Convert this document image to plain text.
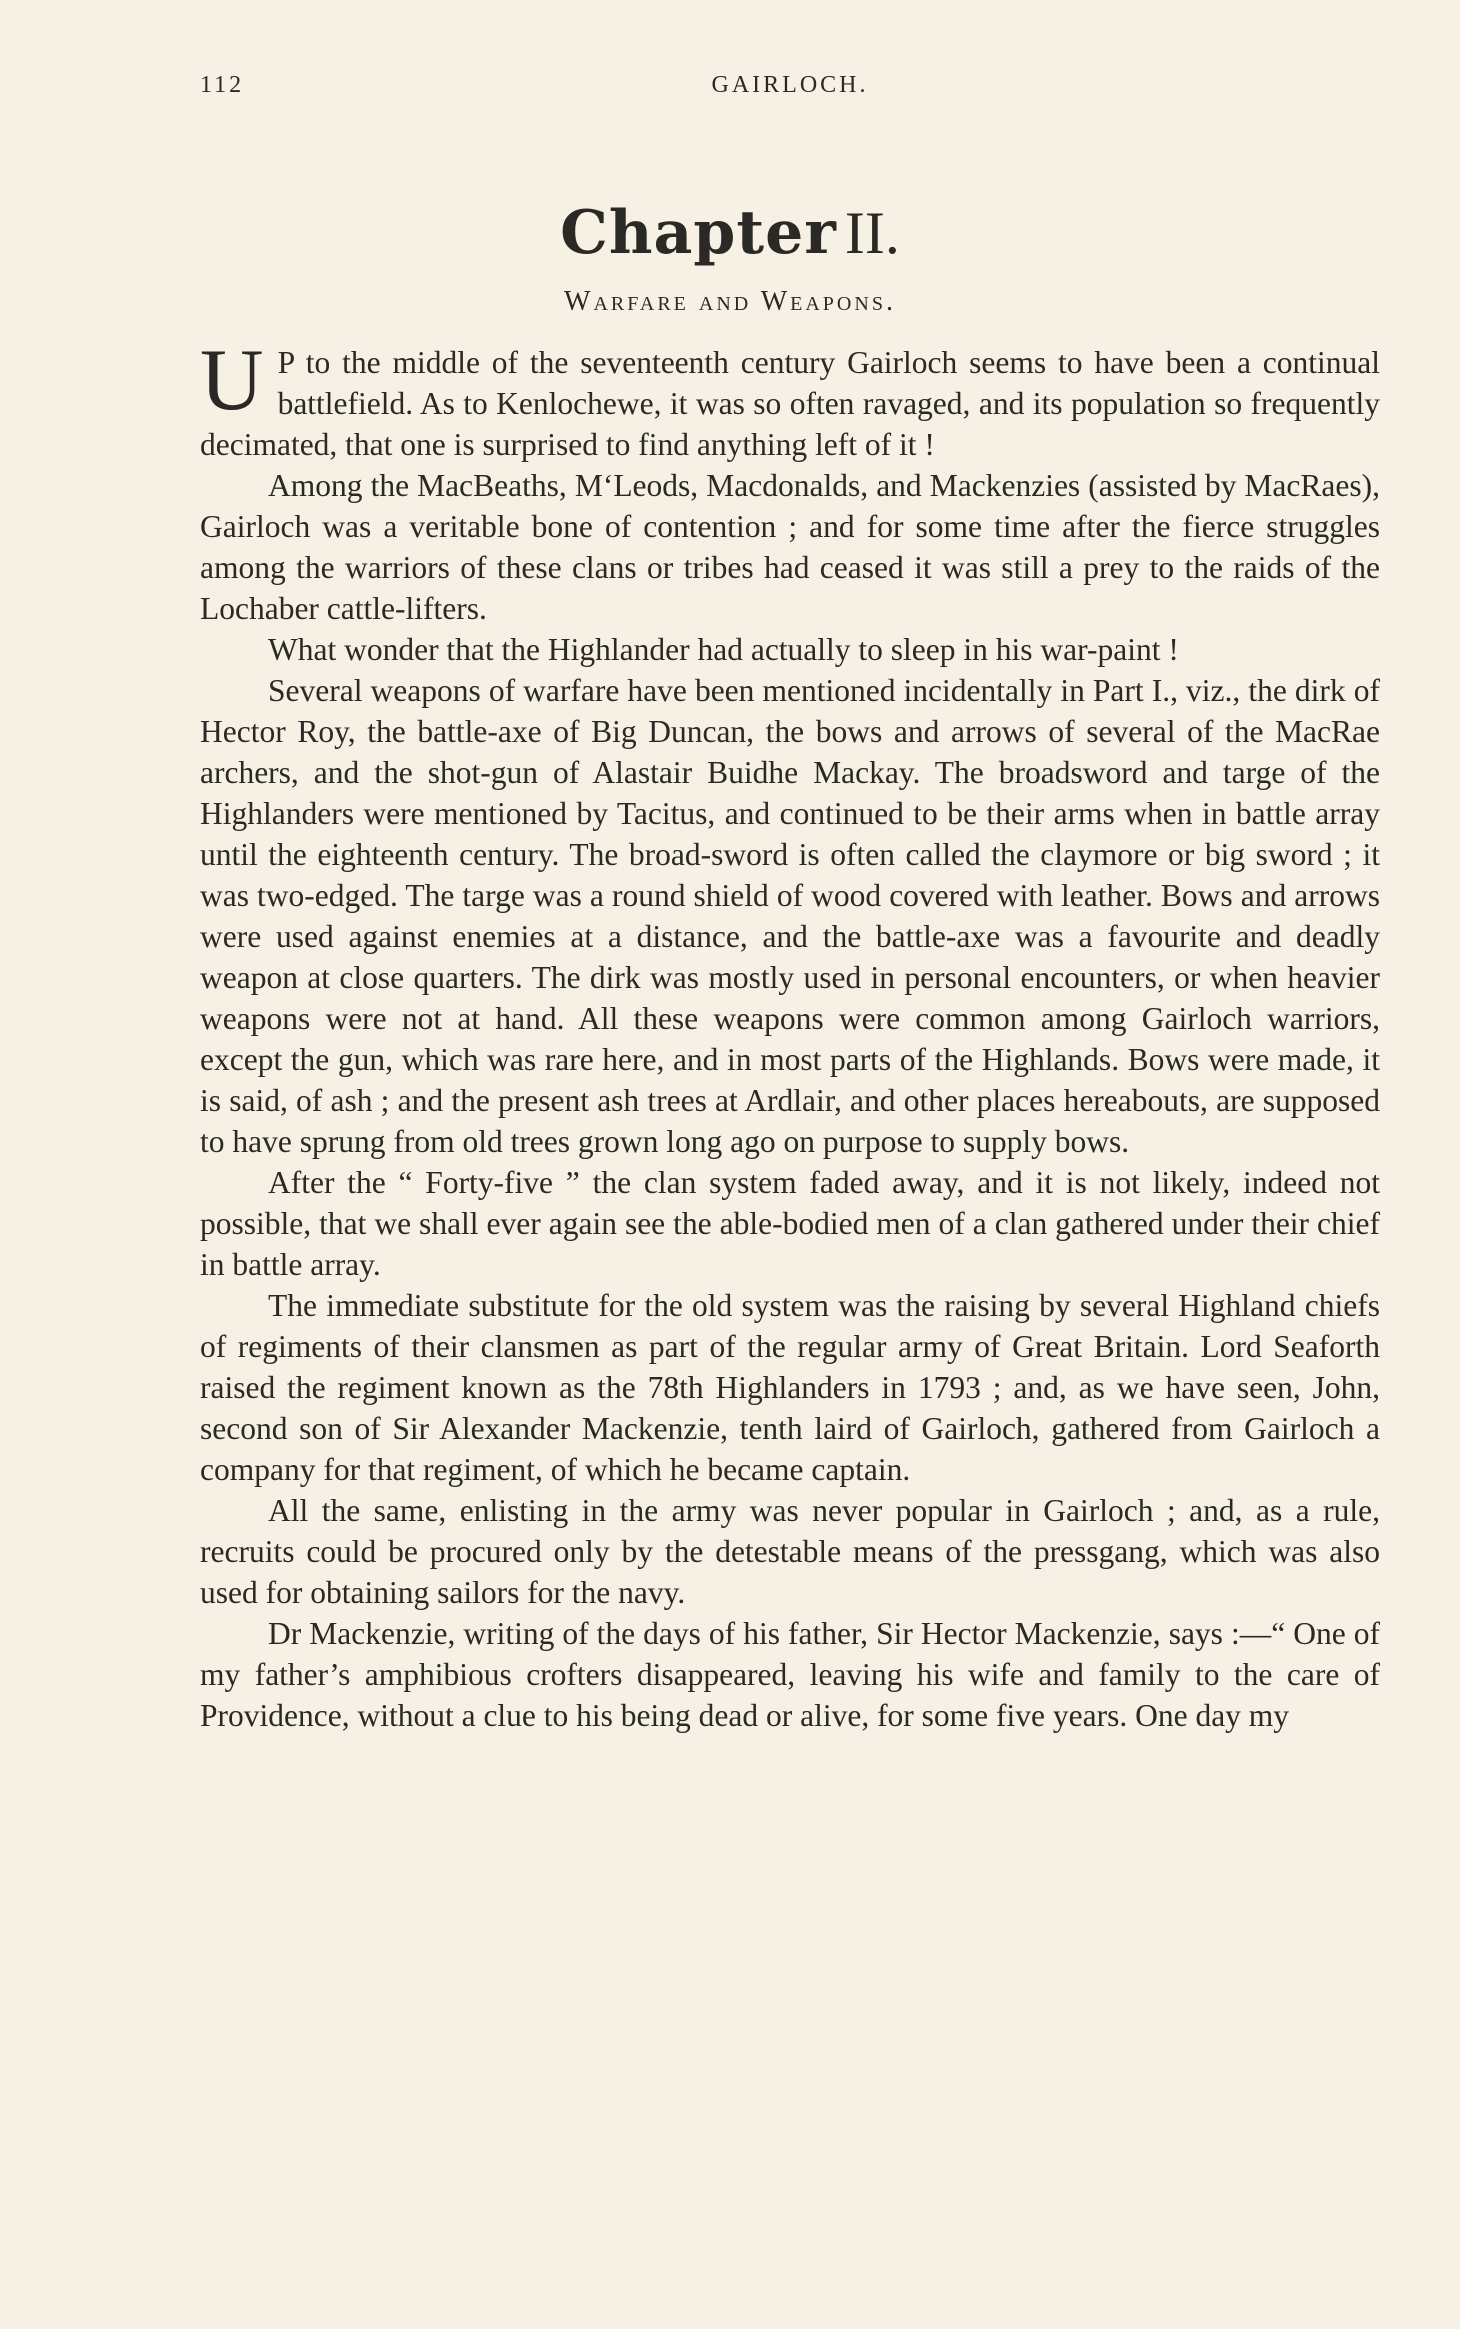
112	GAIRLOCH.
Chapter II.
Warfare and Weapons.

U P to the middle of the seventeenth century Gairloch seems to have been a continual battlefield. As to Kenlochewe, it was so often ravaged, and its population so frequently decimated, that one is surprised to find anything left of it !

Among the MacBeaths, M‘Leods, Macdonalds, and Mackenzies (assisted by MacRaes), Gairloch was a veritable bone of contention ; and for some time after the fierce struggles among the warriors of these clans or tribes had ceased it was still a prey to the raids of the Lochaber cattle-lifters.

What wonder that the Highlander had actually to sleep in his war-paint !

Several weapons of warfare have been mentioned incidentally in Part I., viz., the dirk of Hector Roy, the battle-axe of Big Duncan, the bows and arrows of several of the MacRae archers, and the shot-gun of Alastair Buidhe Mackay. The broadsword and targe of the Highlanders were mentioned by Tacitus, and continued to be their arms when in battle array until the eighteenth century. The broad-sword is often called the claymore or big sword ; it was two-edged. The targe was a round shield of wood covered with leather. Bows and arrows were used against enemies at a distance, and the battle-axe was a favourite and deadly weapon at close quarters. The dirk was mostly used in personal encounters, or when heavier weapons were not at hand. All these weapons were common among Gairloch warriors, except the gun, which was rare here, and in most parts of the Highlands. Bows were made, it is said, of ash ; and the present ash trees at Ardlair, and other places hereabouts, are supposed to have sprung from old trees grown long ago on purpose to supply bows.

After the “ Forty-five ” the clan system faded away, and it is not likely, indeed not possible, that we shall ever again see the able-bodied men of a clan gathered under their chief in battle array.

The immediate substitute for the old system was the raising by several Highland chiefs of regiments of their clansmen as part of the regular army of Great Britain. Lord Seaforth raised the regiment known as the 78th Highlanders in 1793 ; and, as we have seen, John, second son of Sir Alexander Mackenzie, tenth laird of Gairloch, gathered from Gairloch a company for that regiment, of which he became captain.

All the same, enlisting in the army was never popular in Gairloch ; and, as a rule, recruits could be procured only by the detestable means of the pressgang, which was also used for obtaining sailors for the navy.

Dr Mackenzie, writing of the days of his father, Sir Hector Mackenzie, says :—“ One of my father’s amphibious crofters disappeared, leaving his wife and family to the care of Providence, without a clue to his being dead or alive, for some five years. One day my
